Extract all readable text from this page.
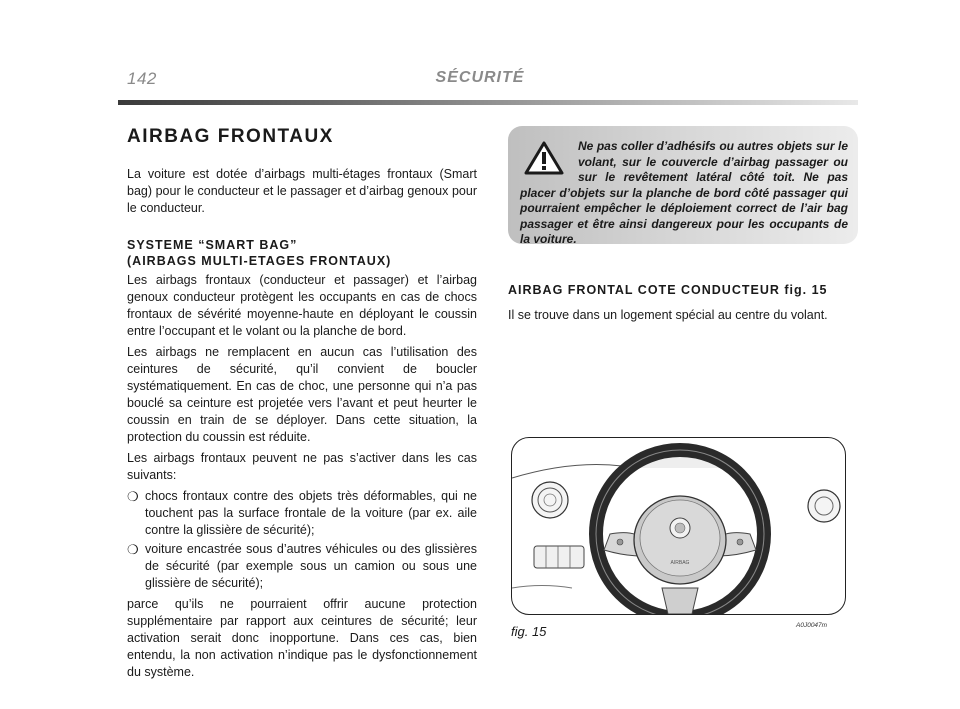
142	SÉCURITÉ
AIRBAG FRONTAUX

La voiture est dotée d’airbags multi-étages frontaux (Smart bag) pour le conducteur et le passager et d’airbag genoux pour le conducteur.

SYSTEME “SMART BAG”
(AIRBAGS MULTI-ETAGES FRONTAUX)

Les airbags frontaux (conducteur et passager) et l’airbag genoux conducteur protègent les occupants en cas de chocs frontaux de sévérité moyenne-haute en déployant le coussin entre l’occupant et le volant ou la planche de bord.

Les airbags ne remplacent en aucun cas l’utilisation des ceintures de sécurité, qu’il convient de boucler systématiquement. En cas de choc, une personne qui n’a pas bouclé sa ceinture est projetée vers l’avant et peut heurter le coussin en train de se déployer. Dans cette situation, la protection du coussin est réduite.

Les airbags frontaux peuvent ne pas s’activer dans les cas suivants:

❍ chocs frontaux contre des objets très déformables, qui ne touchent pas la surface frontale de la voiture (par ex. aile contre la glissière de sécurité);
❍ voiture encastrée sous d’autres véhicules ou des glissières de sécurité (par exemple sous un camion ou sous une glissière de sécurité);

parce qu’ils ne pourraient offrir aucune protection supplémentaire par rapport aux ceintures de sécurité; leur activation serait donc inopportune. Dans ces cas, bien entendu, la non activation n’indique pas le dysfonctionnement du système.

Ne pas coller d’adhésifs ou autres objets sur le volant, sur le couvercle d’airbag passager ou sur le revêtement latéral côté toit. Ne pas placer d’objets sur la planche de bord côté passager qui pourraient empêcher le déploiement correct de l’air bag passager et être ainsi dangereux pour les occupants de la voiture.
AIRBAG FRONTAL COTE CONDUCTEUR fig. 15

Il se trouve dans un logement spécial au centre du volant.

AIRBAG
fig. 15	A0J0047m
